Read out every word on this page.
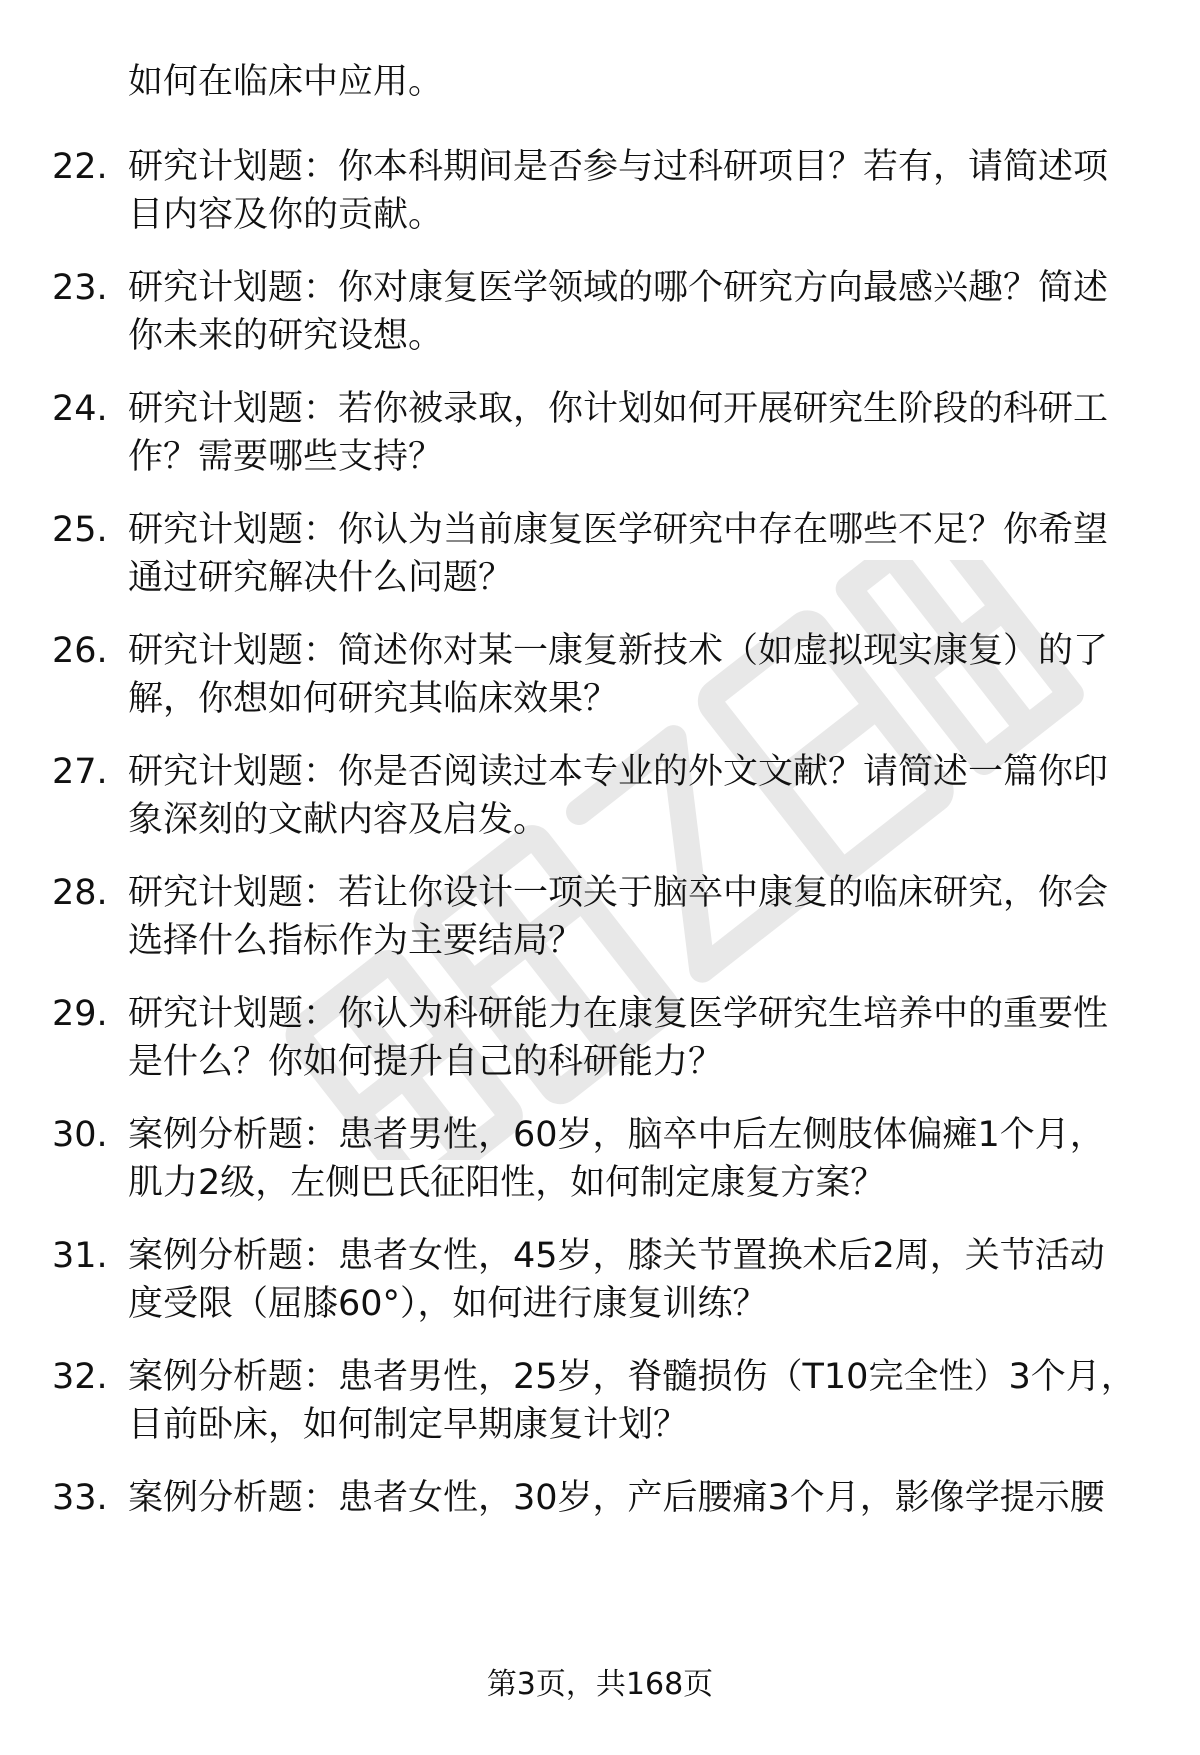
如何在临床中应用。
22. 研究计划题：你本科期间是否参与过科研项目？若有，请简述项
目内容及你的贡献。
23. 研究计划题：你对康复医学领域的哪个研究方向最感兴趣？简述
你未来的研究设想。
24. 研究计划题：若你被录取，你计划如何开展研究生阶段的科研工
作？需要哪些支持？
25. 研究计划题：你认为当前康复医学研究中存在哪些不足？你希望
通过研究解决什么问题？
26. 研究计划题：简述你对某一康复新技术（如虚拟现实康复）的了
解，你想如何研究其临床效果？
27. 研究计划题：你是否阅读过本专业的外文文献？请简述一篇你印
象深刻的文献内容及启发。
28. 研究计划题：若让你设计一项关于脑卒中康复的临床研究，你会
选择什么指标作为主要结局？
29. 研究计划题：你认为科研能力在康复医学研究生培养中的重要性
是什么？你如何提升自己的科研能力？
30. 案例分析题：患者男性，60岁，脑卒中后左侧肢体偏瘫1个月，
肌力2级，左侧巴氏征阳性，如何制定康复方案？
31. 案例分析题：患者女性，45岁，膝关节置换术后2周，关节活动
度受限（屈膝60°），如何进行康复训练？
32. 案例分析题：患者男性，25岁，脊髓损伤（T10完全性）3个月，
目前卧床，如何制定早期康复计划？
33. 案例分析题：患者女性，30岁，产后腰痛3个月，影像学提示腰
第3页，共168页
